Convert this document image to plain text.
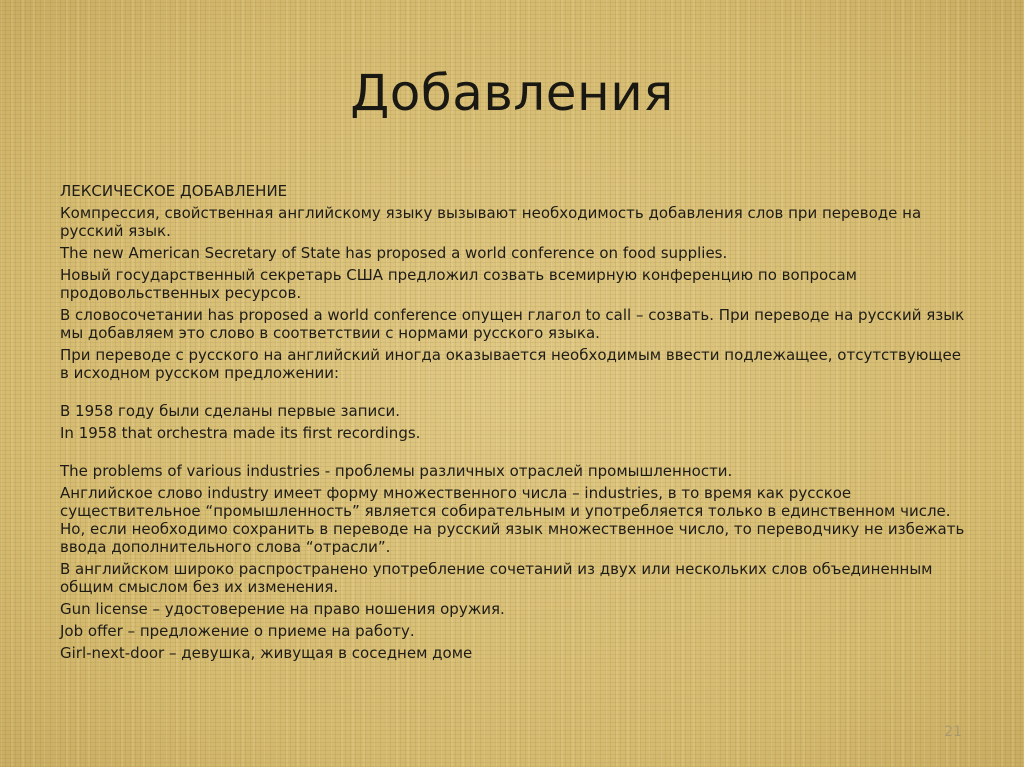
Добавления
ЛЕКСИЧЕСКОЕ ДОБАВЛЕНИЕ
Компрессия, свойственная английскому языку вызывают необходимость добавления слов при переводе на русский язык.
The new American Secretary of State has proposed a world conference on food supplies.
Новый государственный секретарь США предложил созвать всемирную конференцию по вопросам продовольственных ресурсов.
В словосочетании has proposed a world conference опущен глагол to call – созвать. При переводе на русский язык мы добавляем это слово в соответствии с нормами русского языка.
При переводе с русского на английский иногда оказывается необходимым ввести подлежащее, отсутствующее в исходном русском предложении:
В 1958 году были сделаны первые записи.
In 1958 that orchestra made its first recordings.
The problems of various industries - проблемы различных отраслей промышленности.
Английское слово industry имеет форму множественного числа – industries, в то время как русское существительное “промышленность” является собирательным и употребляется только в единственном числе. Но, если необходимо сохранить в переводе на русский язык множественное число, то переводчику не избежать ввода дополнительного слова “отрасли”.
В английском широко распространено употребление сочетаний из двух или нескольких слов объединенным общим смыслом без их изменения.
Gun license – удостоверение на право ношения оружия.
Job offer – предложение о приеме на работу.
Girl-next-door – девушка, живущая в соседнем доме
21
